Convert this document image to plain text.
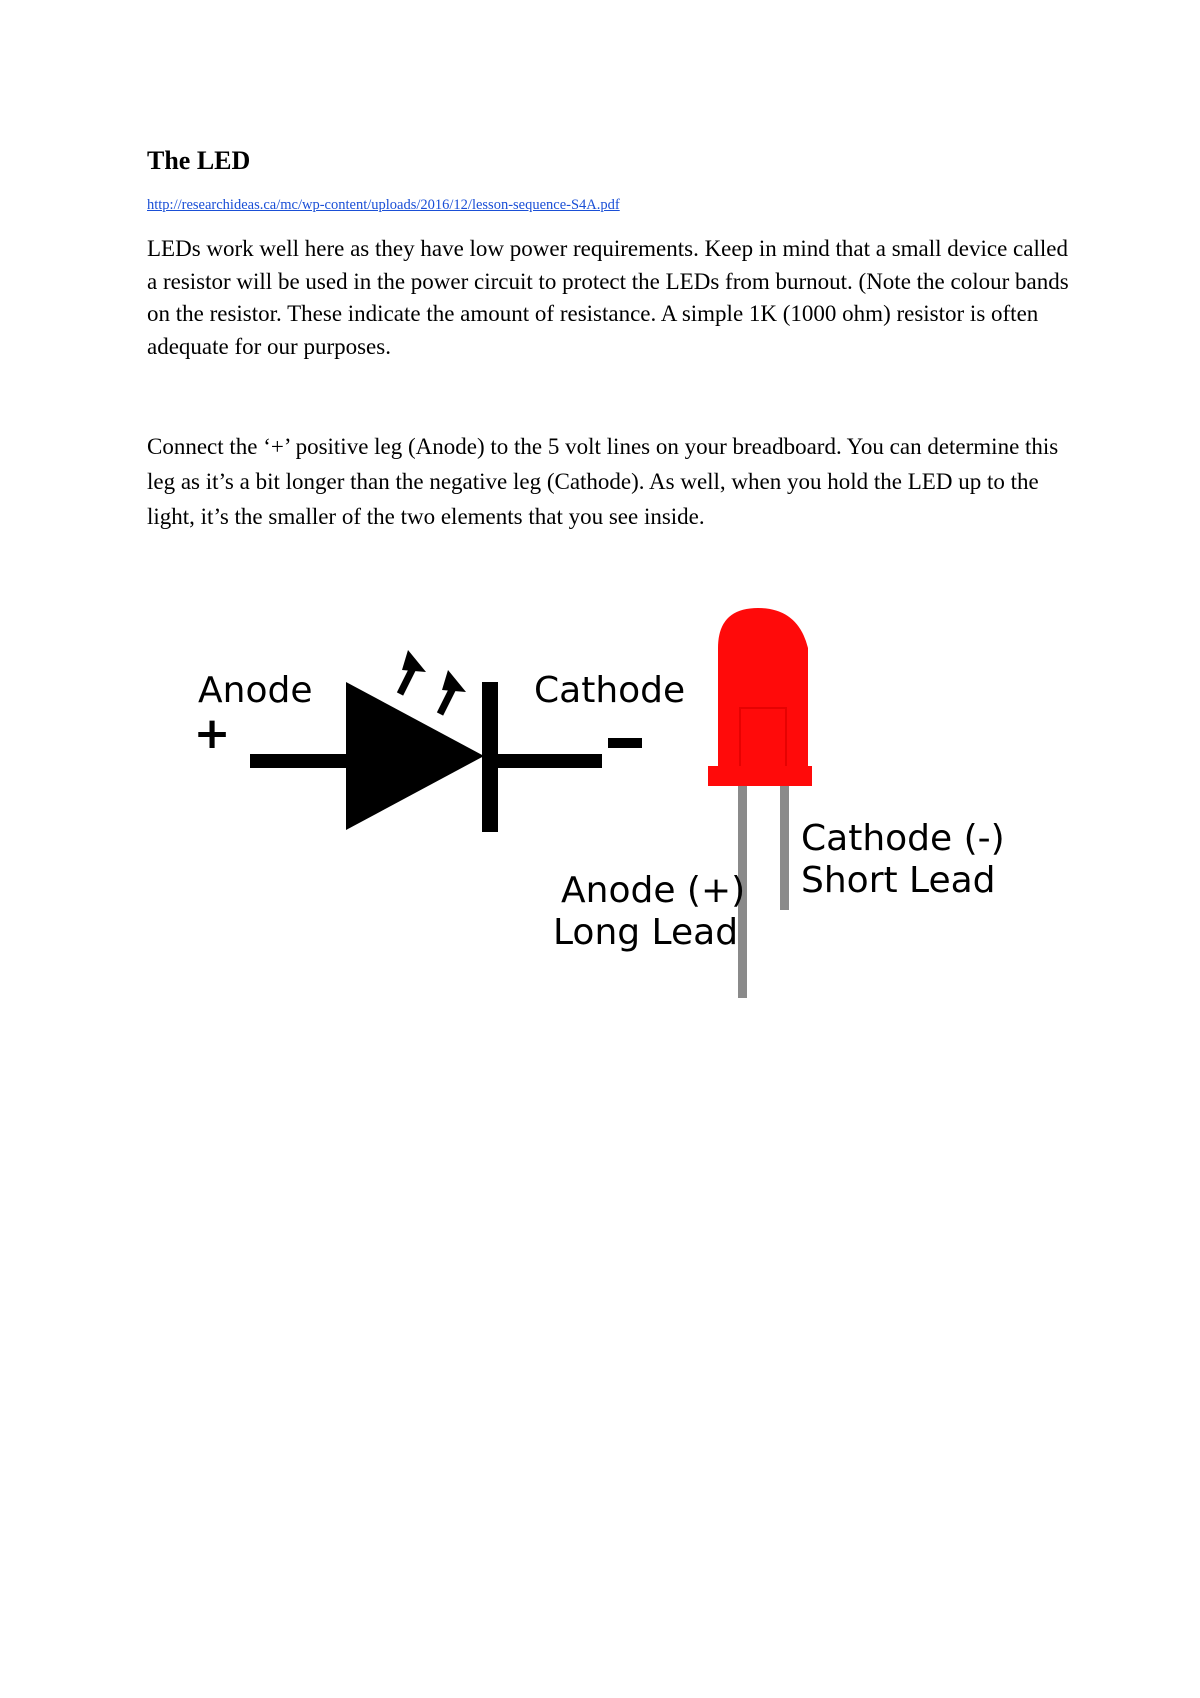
The LED
http://researchideas.ca/mc/wp-content/uploads/2016/12/lesson-sequence-S4A.pdf

LEDs work well here as they have low power requirements. Keep in mind that a small device called a resistor will be used in the power circuit to protect the LEDs from burnout. (Note the colour bands on the resistor. These indicate the amount of resistance. A simple 1K (1000 ohm) resistor is often adequate for our purposes.

Connect the ‘+’ positive leg (Anode) to the 5 volt lines on your breadboard. You can determine this leg as it’s a bit longer than the negative leg (Cathode). As well, when you hold the LED up to the light, it’s the smaller of the two elements that you see inside.

Anode
+
Cathode
Cathode (-)
Short Lead
Anode (+)
Long Lead
